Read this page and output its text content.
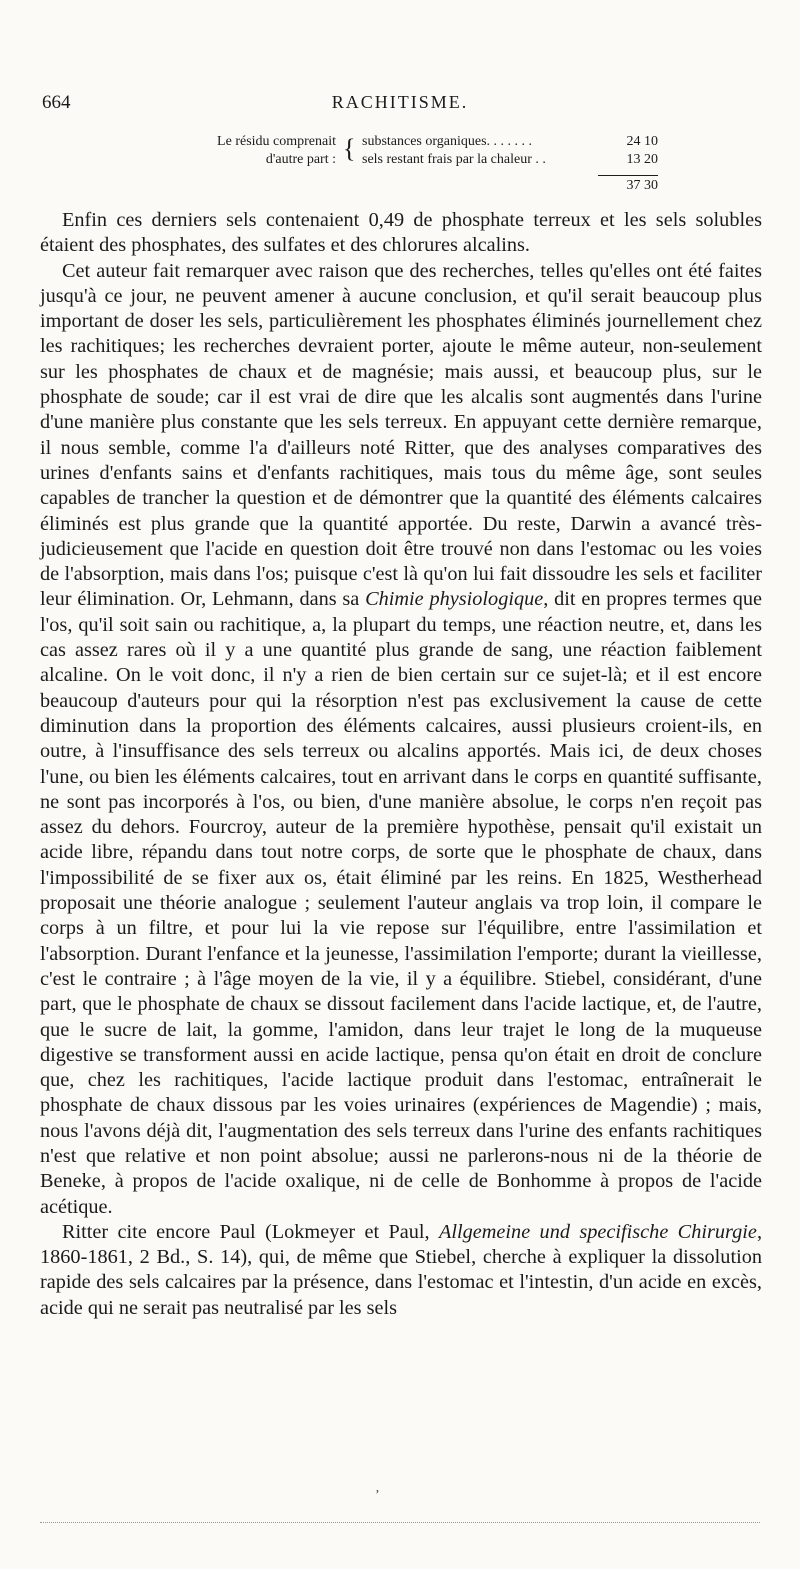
664	RACHITISME.
Le résidu comprenait { substances organiques. . . . . . .	24 10
d'autre part : sels restant frais par la chaleur . .	13 20
37 30

Enfin ces derniers sels contenaient 0,49 de phosphate terreux et les sels solubles étaient des phosphates, des sulfates et des chlorures alcalins.

Cet auteur fait remarquer avec raison que des recherches, telles qu'elles ont été faites jusqu'à ce jour, ne peuvent amener à aucune conclusion, et qu'il serait beaucoup plus important de doser les sels, particulièrement les phosphates éliminés journellement chez les rachitiques; les recherches devraient porter, ajoute le même auteur, non-seulement sur les phosphates de chaux et de magnésie; mais aussi, et beaucoup plus, sur le phosphate de soude; car il est vrai de dire que les alcalis sont augmentés dans l'urine d'une manière plus constante que les sels terreux. En appuyant cette dernière remarque, il nous semble, comme l'a d'ailleurs noté Ritter, que des analyses comparatives des urines d'enfants sains et d'enfants rachitiques, mais tous du même âge, sont seules capables de trancher la question et de démontrer que la quantité des éléments calcaires éliminés est plus grande que la quantité apportée. Du reste, Darwin a avancé très-judicieusement que l'acide en question doit être trouvé non dans l'estomac ou les voies de l'absorption, mais dans l'os; puisque c'est là qu'on lui fait dissoudre les sels et faciliter leur élimination. Or, Lehmann, dans sa Chimie physiologique, dit en propres termes que l'os, qu'il soit sain ou rachitique, a, la plupart du temps, une réaction neutre, et, dans les cas assez rares où il y a une quantité plus grande de sang, une réaction faiblement alcaline. On le voit donc, il n'y a rien de bien certain sur ce sujet-là; et il est encore beaucoup d'auteurs pour qui la résorption n'est pas exclusivement la cause de cette diminution dans la proportion des éléments calcaires, aussi plusieurs croient-ils, en outre, à l'insuffisance des sels terreux ou alcalins apportés. Mais ici, de deux choses l'une, ou bien les éléments calcaires, tout en arrivant dans le corps en quantité suffisante, ne sont pas incorporés à l'os, ou bien, d'une manière absolue, le corps n'en reçoit pas assez du dehors. Fourcroy, auteur de la première hypothèse, pensait qu'il existait un acide libre, répandu dans tout notre corps, de sorte que le phosphate de chaux, dans l'impossibilité de se fixer aux os, était éliminé par les reins. En 1825, Westherhead proposait une théorie analogue ; seulement l'auteur anglais va trop loin, il compare le corps à un filtre, et pour lui la vie repose sur l'équilibre, entre l'assimilation et l'absorption. Durant l'enfance et la jeunesse, l'assimilation l'emporte; durant la vieillesse, c'est le contraire ; à l'âge moyen de la vie, il y a équilibre. Stiebel, considérant, d'une part, que le phosphate de chaux se dissout facilement dans l'acide lactique, et, de l'autre, que le sucre de lait, la gomme, l'amidon, dans leur trajet le long de la muqueuse digestive se transforment aussi en acide lactique, pensa qu'on était en droit de conclure que, chez les rachitiques, l'acide lactique produit dans l'estomac, entraînerait le phosphate de chaux dissous par les voies urinaires (expériences de Magendie) ; mais, nous l'avons déjà dit, l'augmentation des sels terreux dans l'urine des enfants rachitiques n'est que relative et non point absolue; aussi ne parlerons-nous ni de la théorie de Beneke, à propos de l'acide oxalique, ni de celle de Bonhomme à propos de l'acide acétique.

Ritter cite encore Paul (Lokmeyer et Paul, Allgemeine und specifische Chirurgie, 1860-1861, 2 Bd., S. 14), qui, de même que Stiebel, cherche à expliquer la dissolution rapide des sels calcaires par la présence, dans l'estomac et l'intestin, d'un acide en excès, acide qui ne serait pas neutralisé par les sels

ʼ
